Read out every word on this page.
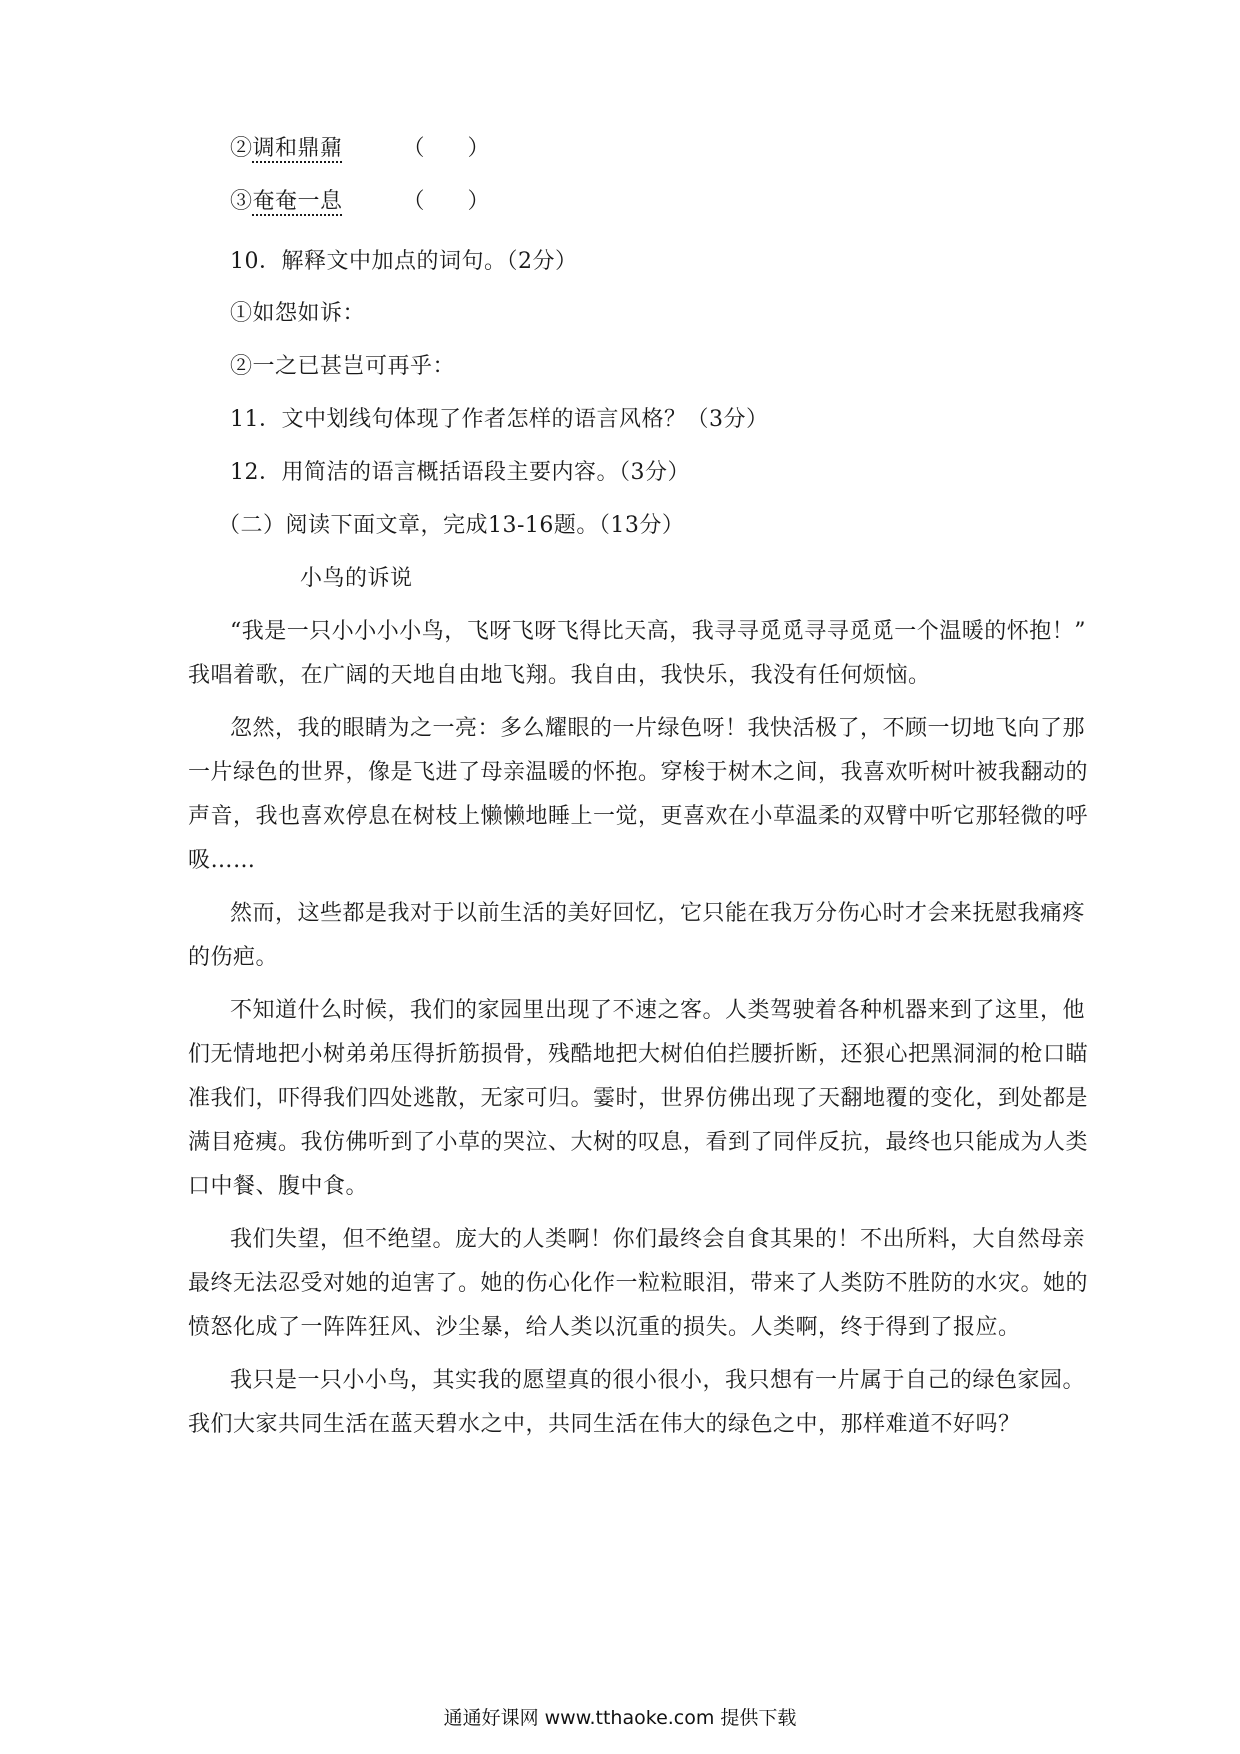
②调和鼎鼐	（ ）
③奄奄一息	（ ）
10．解释文中加点的词句。（2分）
①如怨如诉：
②一之已甚岂可再乎：
11．文中划线句体现了作者怎样的语言风格？（3分）
12．用简洁的语言概括语段主要内容。（3分）
（二）阅读下面文章，完成13-16题。（13分）
小鸟的诉说
“我是一只小小小小鸟，飞呀飞呀飞得比天高，我寻寻觅觅寻寻觅觅一个温暖的怀抱！”
我唱着歌，在广阔的天地自由地飞翔。我自由，我快乐，我没有任何烦恼。
忽然，我的眼睛为之一亮：多么耀眼的一片绿色呀！我快活极了，不顾一切地飞向了那
一片绿色的世界，像是飞进了母亲温暖的怀抱。穿梭于树木之间，我喜欢听树叶被我翻动的
声音，我也喜欢停息在树枝上懒懒地睡上一觉，更喜欢在小草温柔的双臂中听它那轻微的呼
吸……
然而，这些都是我对于以前生活的美好回忆，它只能在我万分伤心时才会来抚慰我痛疼
的伤疤。
不知道什么时候，我们的家园里出现了不速之客。人类驾驶着各种机器来到了这里，他
们无情地把小树弟弟压得折筋损骨，残酷地把大树伯伯拦腰折断，还狠心把黑洞洞的枪口瞄
准我们，吓得我们四处逃散，无家可归。霎时，世界仿佛出现了天翻地覆的变化，到处都是
满目疮痍。我仿佛听到了小草的哭泣、大树的叹息，看到了同伴反抗，最终也只能成为人类
口中餐、腹中食。
我们失望，但不绝望。庞大的人类啊！你们最终会自食其果的！不出所料，大自然母亲
最终无法忍受对她的迫害了。她的伤心化作一粒粒眼泪，带来了人类防不胜防的水灾。她的
愤怒化成了一阵阵狂风、沙尘暴，给人类以沉重的损失。人类啊，终于得到了报应。
我只是一只小小鸟，其实我的愿望真的很小很小，我只想有一片属于自己的绿色家园。
我们大家共同生活在蓝天碧水之中，共同生活在伟大的绿色之中，那样难道不好吗？
通通好课网 www.tthaoke.com 提供下载
